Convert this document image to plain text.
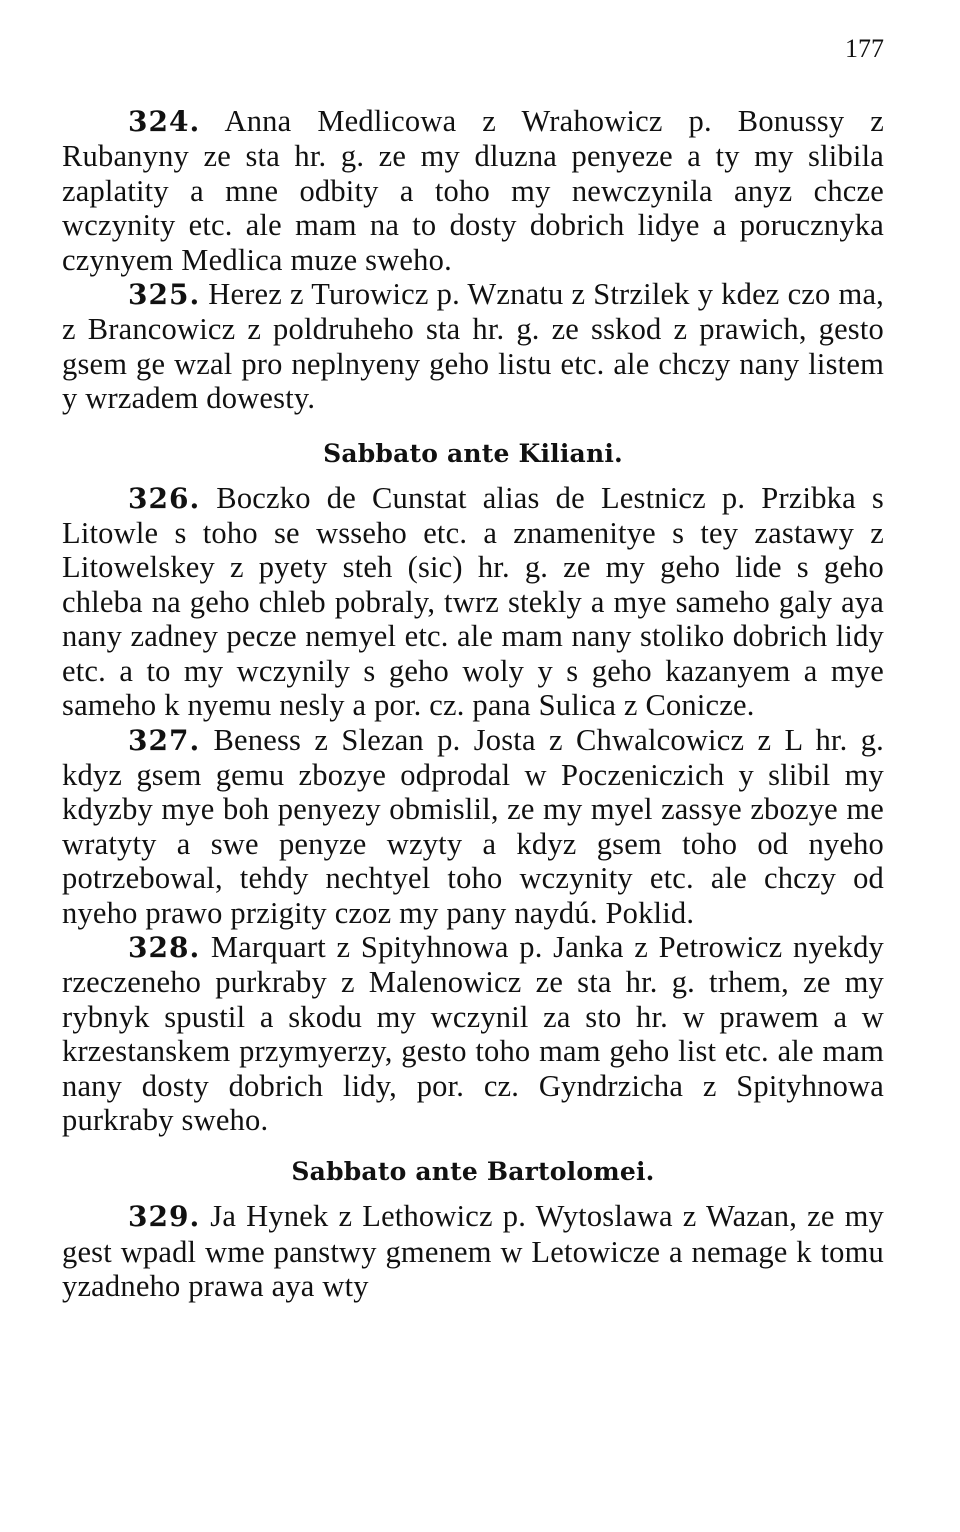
177

324. Anna Medlicowa z Wrahowicz p. Bonussy z Rubanyny ze sta hr. g. ze my dluzna penyeze a ty my slibila zaplatity a mne odbity a toho my newczynila anyz chcze wczynity etc. ale mam na to dosty dobrich lidye a porucznyka czynyem Medlica muze sweho.

325. Herez z Turowicz p. Wznatu z Strzilek y kdez czo ma, z Brancowicz z poldruheho sta hr. g. ze sskod z prawich, gesto gsem ge wzal pro neplnyeny geho listu etc. ale chczy nany listem y wrzadem dowesty.

Sabbato ante Kiliani.

326. Boczko de Cunstat alias de Lestnicz p. Przibka s Litowle s toho se wsseho etc. a znamenitye s tey zastawy z Litowelskey z pyety steh (sic) hr. g. ze my geho lide s geho chleba na geho chleb pobraly, twrz stekly a mye sameho galy aya nany zadney pecze nemyel etc. ale mam nany stoliko dobrich lidy etc. a to my wczynily s geho woly y s geho kazanyem a mye sameho k nyemu nesly a por. cz. pana Sulica z Conicze.

327. Beness z Slezan p. Josta z Chwalcowicz z L hr. g. kdyz gsem gemu zbozye odprodal w Poczeniczich y slibil my kdyzby mye boh penyezy obmislil, ze my myel zassye zbozye me wratyty a swe penyze wzyty a kdyz gsem toho od nyeho potrzebowal, tehdy nechtyel toho wczynity etc. ale chczy od nyeho prawo przigity czoz my pany naydú. Poklid.

328. Marquart z Spityhnowa p. Janka z Petrowicz nyekdy rzeczeneho purkraby z Malenowicz ze sta hr. g. trhem, ze my rybnyk spustil a skodu my wczynil za sto hr. w prawem a w krzestanskem przymyerzy, gesto toho mam geho list etc. ale mam nany dosty dobrich lidy, por. cz. Gyndrzicha z Spityhnowa purkraby sweho.

Sabbato ante Bartolomei.

329. Ja Hynek z Lethowicz p. Wytoslawa z Wazan, ze my gest wpadl wme panstwy gmenem w Letowicze a nemage k tomu yzadneho prawa aya wty
